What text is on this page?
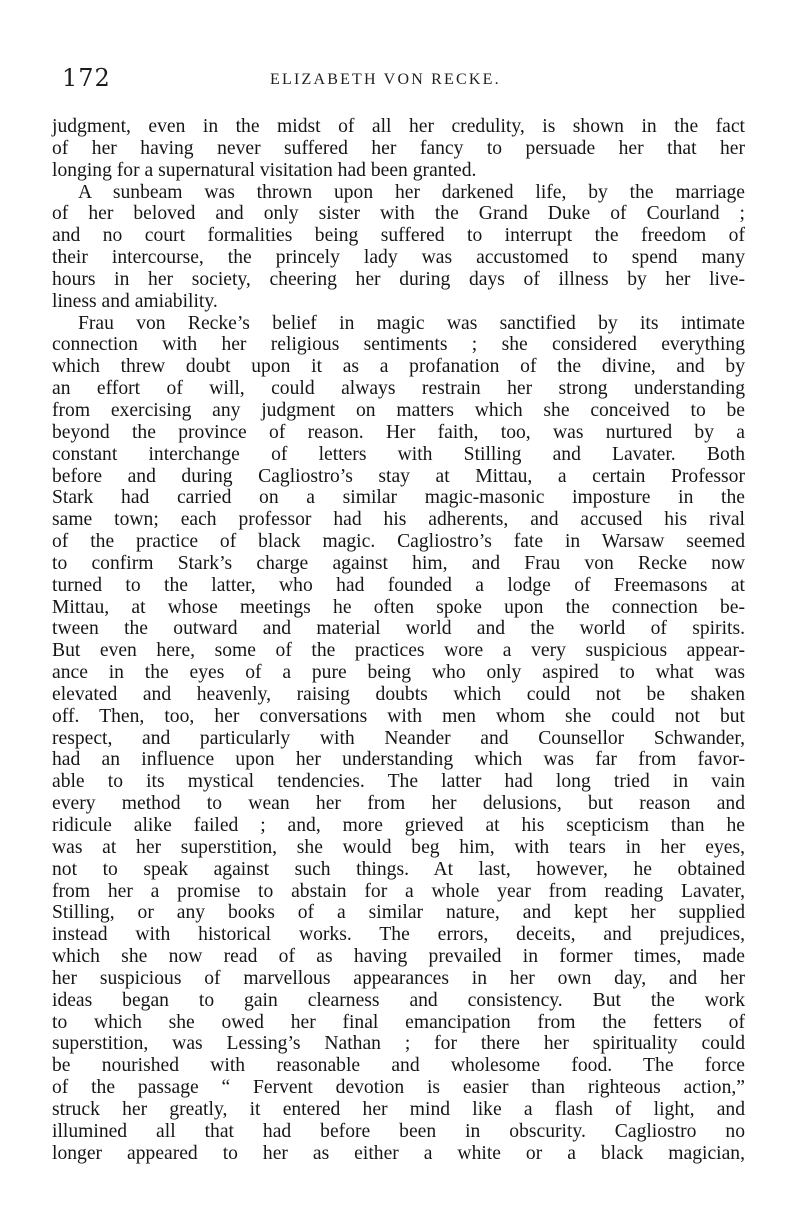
172	ELIZABETH VON RECKE.
judgment, even in the midst of all her credulity, is shown in the fact
of her having never suffered her fancy to persuade her that her
longing for a supernatural visitation had been granted.
A sunbeam was thrown upon her darkened life, by the marriage
of her beloved and only sister with the Grand Duke of Courland ;
and no court formalities being suffered to interrupt the freedom of
their intercourse, the princely lady was accustomed to spend many
hours in her society, cheering her during days of illness by her live-
liness and amiability.
Frau von Recke’s belief in magic was sanctified by its intimate
connection with her religious sentiments ; she considered everything
which threw doubt upon it as a profanation of the divine, and by
an effort of will, could always restrain her strong understanding
from exercising any judgment on matters which she conceived to be
beyond the province of reason. Her faith, too, was nurtured by a
constant interchange of letters with Stilling and Lavater. Both
before and during Cagliostro’s stay at Mittau, a certain Professor
Stark had carried on a similar magic-masonic imposture in the
same town; each professor had his adherents, and accused his rival
of the practice of black magic. Cagliostro’s fate in Warsaw seemed
to confirm Stark’s charge against him, and Frau von Recke now
turned to the latter, who had founded a lodge of Freemasons at
Mittau, at whose meetings he often spoke upon the connection be-
tween the outward and material world and the world of spirits.
But even here, some of the practices wore a very suspicious appear-
ance in the eyes of a pure being who only aspired to what was
elevated and heavenly, raising doubts which could not be shaken
off. Then, too, her conversations with men whom she could not but
respect, and particularly with Neander and Counsellor Schwander,
had an influence upon her understanding which was far from favor-
able to its mystical tendencies. The latter had long tried in vain
every method to wean her from her delusions, but reason and
ridicule alike failed ; and, more grieved at his scepticism than he
was at her superstition, she would beg him, with tears in her eyes,
not to speak against such things. At last, however, he obtained
from her a promise to abstain for a whole year from reading Lavater,
Stilling, or any books of a similar nature, and kept her supplied
instead with historical works. The errors, deceits, and prejudices,
which she now read of as having prevailed in former times, made
her suspicious of marvellous appearances in her own day, and her
ideas began to gain clearness and consistency. But the work
to which she owed her final emancipation from the fetters of
superstition, was Lessing’s Nathan ; for there her spirituality could
be nourished with reasonable and wholesome food. The force
of the passage “ Fervent devotion is easier than righteous action,”
struck her greatly, it entered her mind like a flash of light, and
illumined all that had before been in obscurity. Cagliostro no
longer appeared to her as either a white or a black magician,
